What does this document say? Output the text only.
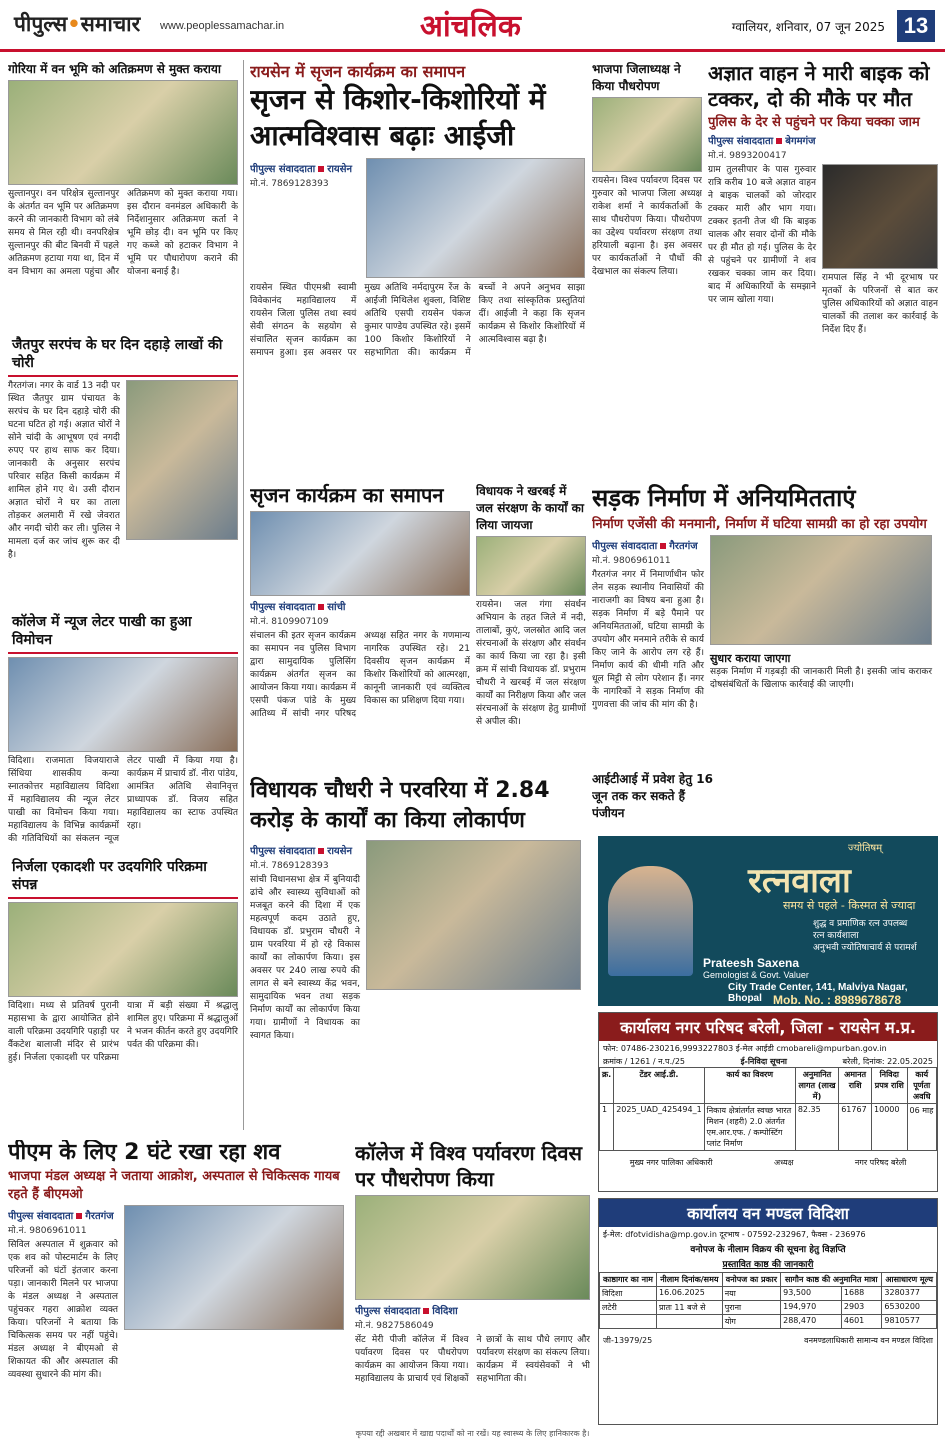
पीपुल्स•समाचार www.peoplessamachar.in	आंचलिक	ग्वालियर, शनिवार, 07 जून 2025 13
गोरिया में वन भूमि को अतिक्रमण से मुक्त कराया
सुल्तानपुर। वन परिक्षेत्र सुल्तानपुर के अंतर्गत वन भूमि पर अतिक्रमण करने की जानकारी विभाग को लंबे समय से मिल रही थी। वनपरिक्षेत्र सुल्तानपुर की बीट बिनवी में पहले अतिक्रमण हटाया गया था, दिन में वन विभाग का अमला पहुंचा और अतिक्रमण को मुक्त कराया गया। इस दौरान वनमंडल अधिकारी के निर्देशानुसार अतिक्रमण कर्ता ने भूमि छोड़ दी। वन भूमि पर किए गए कब्जे को हटाकर विभाग ने भूमि पर पौधारोपण कराने की योजना बनाई है।
जैतपुर सरपंच के घर दिन दहाड़े लाखों की चोरी
गैरतगंज। नगर के वार्ड 13 नदी पर स्थित जैतपुर ग्राम पंचायत के सरपंच के घर दिन दहाड़े चोरी की घटना घटित हो गई। अज्ञात चोरों ने सोने चांदी के आभूषण एवं नगदी रुपए पर हाथ साफ कर दिया। जानकारी के अनुसार सरपंच परिवार सहित किसी कार्यक्रम में शामिल होने गए थे। उसी दौरान अज्ञात चोरों ने घर का ताला तोड़कर अलमारी में रखे जेवरात और नगदी चोरी कर ली। पुलिस ने मामला दर्ज कर जांच शुरू कर दी है।
कॉलेज में न्यूज लेटर पाखी का हुआ विमोचन
विदिशा। राजमाता विजयाराजे सिंधिया शासकीय कन्या स्नातकोत्तर महाविद्यालय विदिशा में महाविद्यालय की न्यूज लेटर पाखी का विमोचन किया गया। महाविद्यालय के विभिन्न कार्यक्रमों की गतिविधियों का संकलन न्यूज लेटर पाखी में किया गया है। कार्यक्रम में प्राचार्य डॉ. नीरा पांडेय, आमंत्रित अतिथि सेवानिवृत्त प्राध्यापक डॉ. विजय सहित महाविद्यालय का स्टाफ उपस्थित रहा।
निर्जला एकादशी पर उदयगिरि परिक्रमा संपन्न
विदिशा। मध्य से प्रतिवर्ष पुरानी महासभा के द्वारा आयोजित होने वाली परिक्रमा उदयगिरि पहाड़ी पर वैंकटेश बालाजी मंदिर से प्रारंभ हुई। निर्जला एकादशी पर परिक्रमा यात्रा में बड़ी संख्या में श्रद्धालु शामिल हुए। परिक्रमा में श्रद्धालुओं ने भजन कीर्तन करते हुए उदयगिरि पर्वत की परिक्रमा की।
रायसेन में सृजन कार्यक्रम का समापन
सृजन से किशोर-किशोरियों में आत्मविश्वास बढ़ाः आईजी
पीपुल्स संवाददाता रायसेन
मो.नं. 7869128393
रायसेन स्थित पीएमश्री स्वामी विवेकानंद महाविद्यालय में रायसेन जिला पुलिस तथा स्वयं सेवी संगठन के सहयोग से संचालित सृजन कार्यक्रम का समापन हुआ। इस अवसर पर मुख्य अतिथि नर्मदापुरम रेंज के आईजी मिथिलेश शुक्ला, विशिष्ट अतिथि एसपी रायसेन पंकज कुमार पाण्डेय उपस्थित रहे। इसमें 100 किशोर किशोरियों ने सहभागिता की। कार्यक्रम में बच्चों ने अपने अनुभव साझा किए तथा सांस्कृतिक प्रस्तुतियां दीं। आईजी ने कहा कि सृजन कार्यक्रम से किशोर किशोरियों में आत्मविश्वास बढ़ा है।
भाजपा जिलाध्यक्ष ने किया पौधरोपण
रायसेन। विश्व पर्यावरण दिवस पर गुरुवार को भाजपा जिला अध्यक्ष राकेश शर्मा ने कार्यकर्ताओं के साथ पौधरोपण किया। पौधरोपण का उद्देश्य पर्यावरण संरक्षण तथा हरियाली बढ़ाना है। इस अवसर पर कार्यकर्ताओं ने पौधों की देखभाल का संकल्प लिया।
अज्ञात वाहन ने मारी बाइक को टक्कर, दो की मौके पर मौत
पुलिस के देर से पहुंचने पर किया चक्का जाम
पीपुल्स संवाददाता बेगमगंज
मो.नं. 9893200417
ग्राम तुलसीपार के पास गुरुवार रात्रि करीब 10 बजे अज्ञात वाहन ने बाइक चालकों को जोरदार टक्कर मारी और भाग गया। टक्कर इतनी तेज थी कि बाइक चालक और सवार दोनों की मौके पर ही मौत हो गई। पुलिस के देर से पहुंचने पर ग्रामीणों ने शव रखकर चक्का जाम कर दिया। बाद में अधिकारियों के समझाने पर जाम खोला गया।
रामपाल सिंह ने भी दूरभाष पर मृतकों के परिजनों से बात कर पुलिस अधिकारियों को अज्ञात वाहन चालकों की तलाश कर कार्रवाई के निर्देश दिए हैं।
सृजन कार्यक्रम का समापन
पीपुल्स संवाददाता सांची
मो.नं. 8109907109
संचालन की इतर सृजन कार्यक्रम का समापन नव पुलिस विभाग द्वारा सामुदायिक पुलिसिंग कार्यक्रम अंतर्गत सृजन का आयोजन किया गया। कार्यक्रम में एसपी पंकज पांडे के मुख्य आतिथ्य में सांची नगर परिषद अध्यक्ष सहित नगर के गणमान्य नागरिक उपस्थित रहे। 21 दिवसीय सृजन कार्यक्रम में किशोर किशोरियों को आत्मरक्षा, कानूनी जानकारी एवं व्यक्तित्व विकास का प्रशिक्षण दिया गया।
विधायक ने खरबई में जल संरक्षण के कार्यों का लिया जायजा
रायसेन। जल गंगा संवर्धन अभियान के तहत जिले में नदी, तालाबों, कुएं, जलस्रोत आदि जल संरचनाओं के संरक्षण और संवर्धन का कार्य किया जा रहा है। इसी क्रम में सांची विधायक डॉ. प्रभुराम चौधरी ने खरबई में जल संरक्षण कार्यों का निरीक्षण किया और जल संरचनाओं के संरक्षण हेतु ग्रामीणों से अपील की।
सड़क निर्माण में अनियमितताएं
निर्माण एजेंसी की मनमानी, निर्माण में घटिया सामग्री का हो रहा उपयोग
पीपुल्स संवाददाता गैरतगंज
मो.नं. 9806961011
गैरतगंज नगर में निमार्णाधीन फोर लेन सड़क स्थानीय निवासियों की नाराजगी का विषय बना हुआ है। सड़क निर्माण में बड़े पैमाने पर अनियमितताओं, घटिया सामग्री के उपयोग और मनमाने तरीके से कार्य किए जाने के आरोप लग रहे हैं। निर्माण कार्य की धीमी गति और धूल मिट्टी से लोग परेशान हैं। नगर के नागरिकों ने सड़क निर्माण की गुणवत्ता की जांच की मांग की है।
सुधार कराया जाएगा
सड़क निर्माण में गड़बड़ी की जानकारी मिली है। इसकी जांच कराकर दोषसंबंधितों के खिलाफ कार्रवाई की जाएगी।
विधायक चौधरी ने परवरिया में 2.84 करोड़ के कार्यों का किया लोकार्पण
पीपुल्स संवाददाता रायसेन
मो.नं. 7869128393
सांची विधानसभा क्षेत्र में बुनियादी ढांचे और स्वास्थ्य सुविधाओं को मजबूत करने की दिशा में एक महत्वपूर्ण कदम उठाते हुए, विधायक डॉ. प्रभुराम चौधरी ने ग्राम परवरिया में हो रहे विकास कार्यों का लोकार्पण किया। इस अवसर पर 240 लाख रुपये की लागत से बने स्वास्थ्य केंद्र भवन, सामुदायिक भवन तथा सड़क निर्माण कार्यों का लोकार्पण किया गया। ग्रामीणों ने विधायक का स्वागत किया।
आईटीआई में प्रवेश हेतु 16 जून तक कर सकते हैं पंजीयन
ज्योतिषम्
रत्नवाला
समय से पहले - किस्मत से ज्यादा
शुद्ध व प्रमाणिक रत्न उपलब्ध
रत्न कार्यशाला
अनुभवी ज्योतिषाचार्य से परामर्श
Prateesh Saxena
Gemologist & Govt. Valuer
City Trade Center, 141, Malviya Nagar, Bhopal Mob. No. : 8989678678
पीएम के लिए 2 घंटे रखा रहा शव
भाजपा मंडल अध्यक्ष ने जताया आक्रोश, अस्पताल से चिकित्सक गायब रहते हैं बीएमओ
पीपुल्स संवाददाता गैरतगंज
मो.नं. 9806961011
सिविल अस्पताल में शुक्रवार को एक शव को पोस्टमार्टम के लिए परिजनों को घंटों इंतजार करना पड़ा। जानकारी मिलने पर भाजपा के मंडल अध्यक्ष ने अस्पताल पहुंचकर गहरा आक्रोश व्यक्त किया। परिजनों ने बताया कि चिकित्सक समय पर नहीं पहुंचे। मंडल अध्यक्ष ने बीएमओ से शिकायत की और अस्पताल की व्यवस्था सुधारने की मांग की।
कॉलेज में विश्व पर्यावरण दिवस पर पौधरोपण किया
पीपुल्स संवाददाता विदिशा
मो.नं. 9827586049
सेंट मेरी पीजी कॉलेज में विश्व पर्यावरण दिवस पर पौधरोपण कार्यक्रम का आयोजन किया गया। महाविद्यालय के प्राचार्य एवं शिक्षकों ने छात्रों के साथ पौधे लगाए और पर्यावरण संरक्षण का संकल्प लिया। कार्यक्रम में स्वयंसेवकों ने भी सहभागिता की।
कार्यालय नगर परिषद बरेली, जिला - रायसेन म.प्र.
फोन: 07486-230216,9993227803 ई-मेल आईडी cmobareli@mpurban.gov.in
क्रमांक / 1261 / न.प./25	ई-निविदा सूचना	बरेली, दिनांक: 22.05.2025
क्र.	टेंडर आई.डी.	कार्य का विवरण	अनुमानित लागत (लाख में)	अमानत राशि	निविदा प्रपत्र राशि	कार्य पूर्णता अवधि
1	2025_UAD_425494_1	निकाय क्षेत्रांतर्गत स्वच्छ भारत मिशन (शहरी) 2.0 अंतर्गत एम.आर.एफ. / कम्पोस्टिंग प्लांट निर्माण	82.35	61767	10000	06 माह
मुख्य नगर पालिका अधिकारी	अध्यक्ष	नगर परिषद बरेली
कार्यालय वन मण्डल विदिशा
ई-मेल: dfotvidisha@mp.gov.in दूरभाष - 07592-232967, फैक्स - 236976
वनोपज के नीलाम विक्रय की सूचना हेतु विज्ञप्ति
प्रस्तावित काष्ठ की जानकारी
काष्ठागार का नाम	नीलाम दिनांक/समय	वनोपज का प्रकार	सागौन काष्ठ की अनुमानित मात्रा		आसाधारण मूल्य
विदिशा	16.06.2025	नया	93,500	1688	3280377
लटेरी	प्रातः 11 बजे से	पुराना	194,970	2903	6530200
		योग	288,470	4601	9810577
जी-13979/25	वनमण्डलाधिकारी सामान्य वन मण्डल विदिशा
कृपया रद्दी अखबार में खाद्य पदार्थों को ना रखें। यह स्वास्थ्य के लिए हानिकारक है।
